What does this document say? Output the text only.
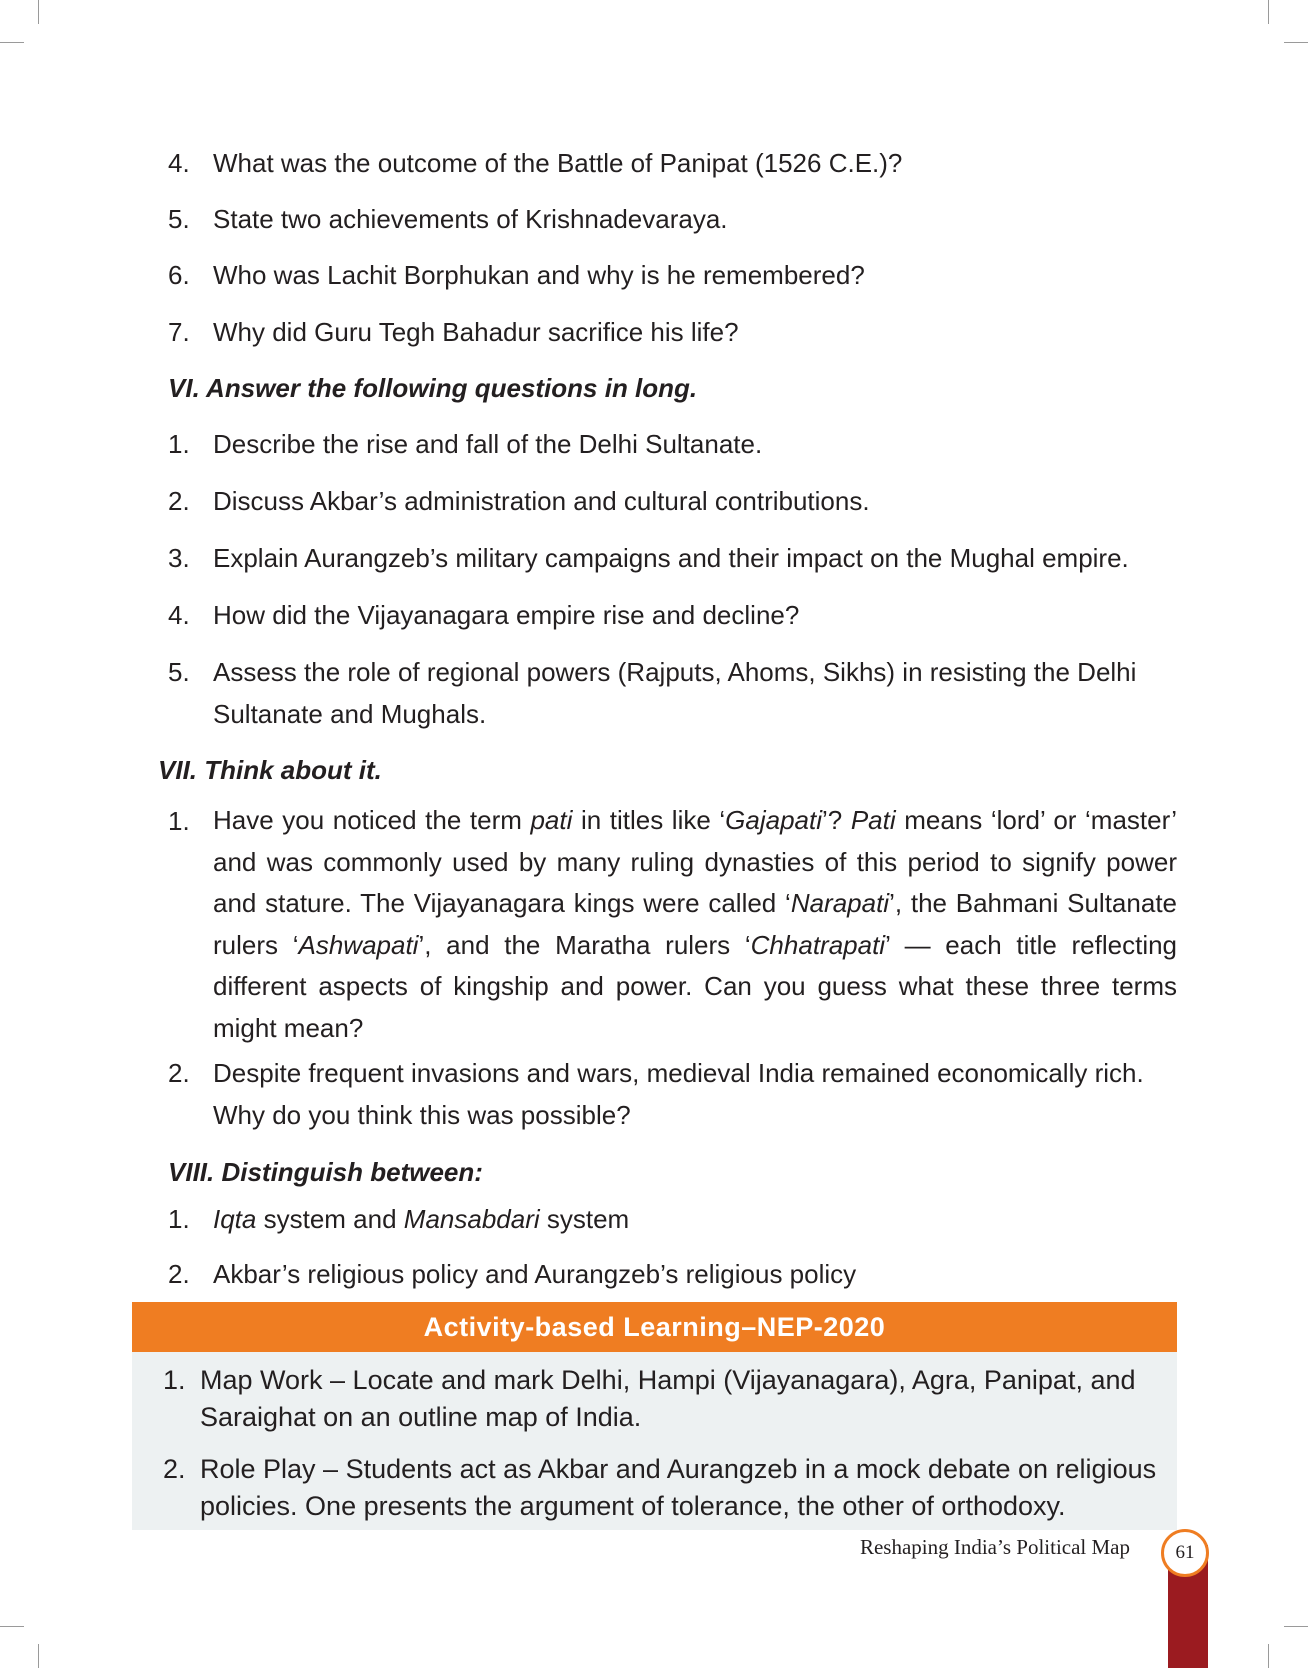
4. What was the outcome of the Battle of Panipat (1526 C.E.)?
5. State two achievements of Krishnadevaraya.
6. Who was Lachit Borphukan and why is he remembered?
7. Why did Guru Tegh Bahadur sacrifice his life?
VI. Answer the following questions in long.
1. Describe the rise and fall of the Delhi Sultanate.
2. Discuss Akbar’s administration and cultural contributions.
3. Explain Aurangzeb’s military campaigns and their impact on the Mughal empire.
4. How did the Vijayanagara empire rise and decline?
5. Assess the role of regional powers (Rajputs, Ahoms, Sikhs) in resisting the Delhi
Sultanate and Mughals.
VII. Think about it.
1. Have you noticed the term pati in titles like ‘Gajapati’? Pati means ‘lord’ or ‘master’ and was commonly used by many ruling dynasties of this period to signify power and stature. The Vijayanagara kings were called ‘Narapati’, the Bahmani Sultanate rulers ‘Ashwapati’, and the Maratha rulers ‘Chhatrapati’ — each title reflecting different aspects of kingship and power. Can you guess what these three terms might mean?
2. Despite frequent invasions and wars, medieval India remained economically rich.
Why do you think this was possible?
VIII. Distinguish between:
1. Iqta system and Mansabdari system
2. Akbar’s religious policy and Aurangzeb’s religious policy
Activity-based Learning–NEP-2020
1. Map Work – Locate and mark Delhi, Hampi (Vijayanagara), Agra, Panipat, and
Saraighat on an outline map of India.
2. Role Play – Students act as Akbar and Aurangzeb in a mock debate on religious
policies. One presents the argument of tolerance, the other of orthodoxy.
Reshaping India’s Political Map	61
